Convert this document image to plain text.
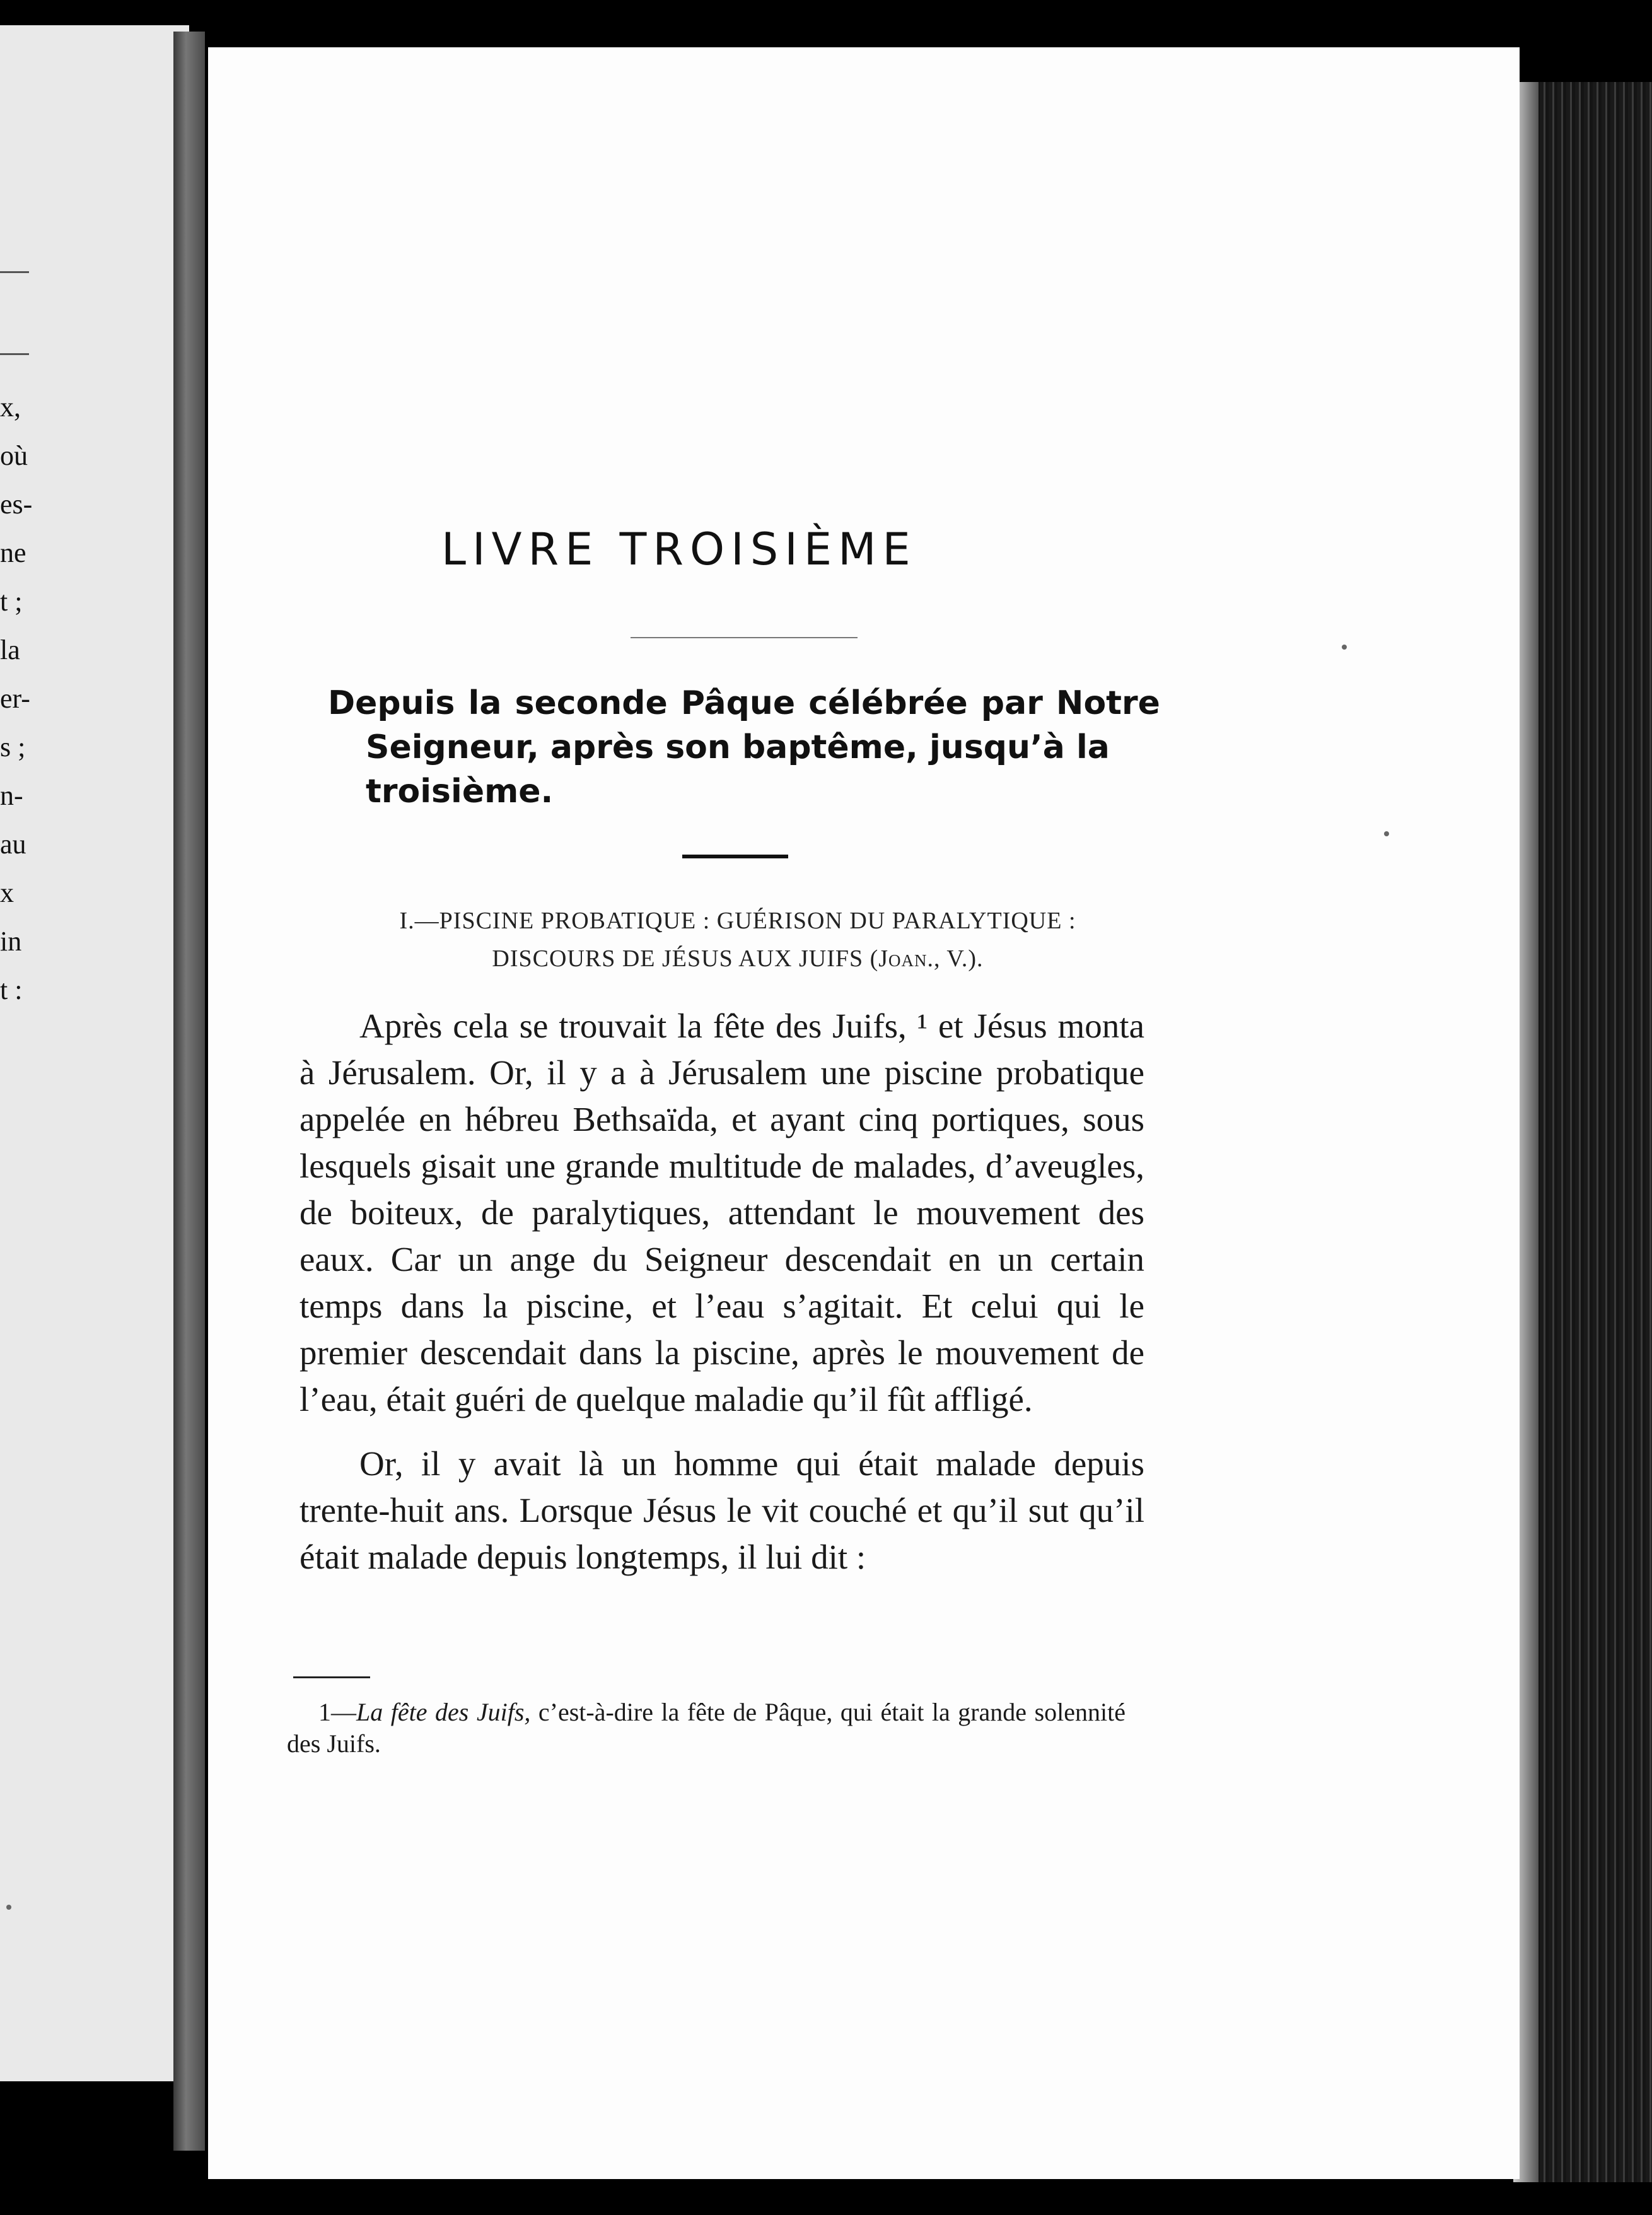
x,
où
es-
ne
t ;
la
er-
s ;
n-
au
x
in
t :
LIVRE TROISIÈME
Depuis la seconde Pâque célébrée par Notre
Seigneur, après son baptême, jusqu’à la
troisième.
I.—PISCINE PROBATIQUE : GUÉRISON DU PARALYTIQUE :
DISCOURS DE JÉSUS AUX JUIFS (Joan., V.).

Après cela se trouvait la fête des Juifs, ¹ et Jésus monta à Jérusalem. Or, il y a à Jérusalem une piscine probatique appelée en hébreu Bethsaïda, et ayant cinq portiques, sous lesquels gisait une grande multitude de malades, d’aveugles, de boiteux, de paralytiques, attendant le mouvement des eaux. Car un ange du Seigneur descendait en un certain temps dans la piscine, et l’eau s’agitait. Et celui qui le premier descendait dans la piscine, après le mouvement de l’eau, était guéri de quelque maladie qu’il fût affligé.

Or, il y avait là un homme qui était malade depuis trente-huit ans. Lorsque Jésus le vit couché et qu’il sut qu’il était malade depuis longtemps, il lui dit :

1—La fête des Juifs, c’est-à-dire la fête de Pâque, qui était la grande solennité des Juifs.
